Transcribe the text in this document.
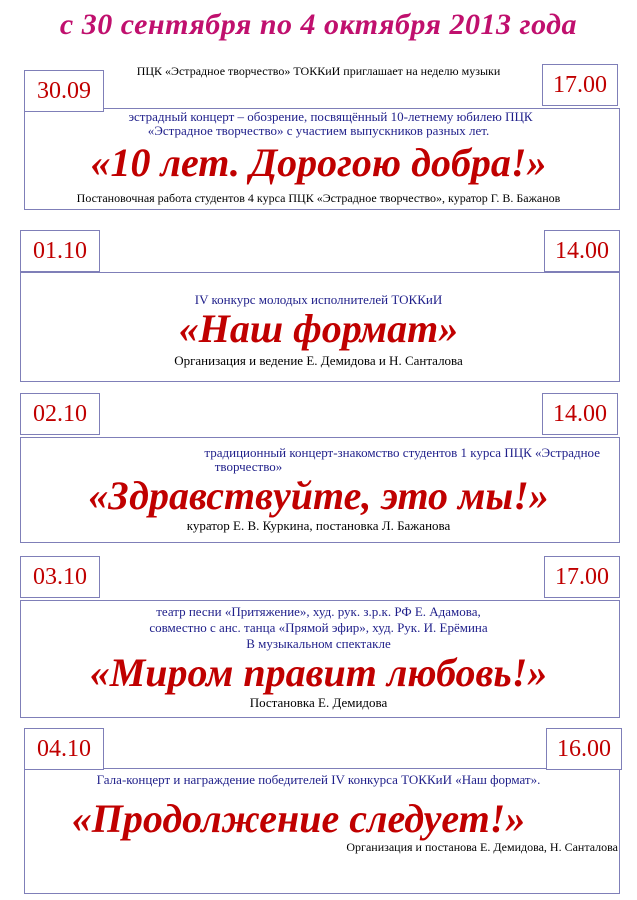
с 30 сентября по 4 октября 2013 года
ПЦК «Эстрадное творчество» ТОККиИ приглашает на неделю музыки
30.09	17.00
эстрадный концерт – обозрение, посвящённый 10-летнему юбилею ПЦК
«Эстрадное творчество» с участием выпускников разных лет.
«10 лет. Дорогою добра!»
Постановочная работа студентов 4 курса ПЦК «Эстрадное творчество», куратор Г. В. Бажанов
01.10	14.00
IV конкурс молодых исполнителей ТОККиИ
«Наш формат»
Организация и ведение Е. Демидова и Н. Санталова
02.10	14.00
традиционный концерт-знакомство студентов 1 курса ПЦК «Эстрадное
творчество»
«Здравствуйте, это мы!»
куратор Е. В. Куркина, постановка Л. Бажанова
03.10	17.00
театр песни «Притяжение», худ. рук. з.р.к. РФ Е. Адамова,
совместно с анс. танца «Прямой эфир», худ. Рук. И. Ерёмина
В музыкальном спектакле
«Миром правит любовь!»
Постановка Е. Демидова
04.10	16.00
Гала-концерт и награждение победителей IV конкурса ТОККиИ «Наш формат».
«Продолжение следует!»
Организация и постанова Е. Демидова, Н. Санталова
